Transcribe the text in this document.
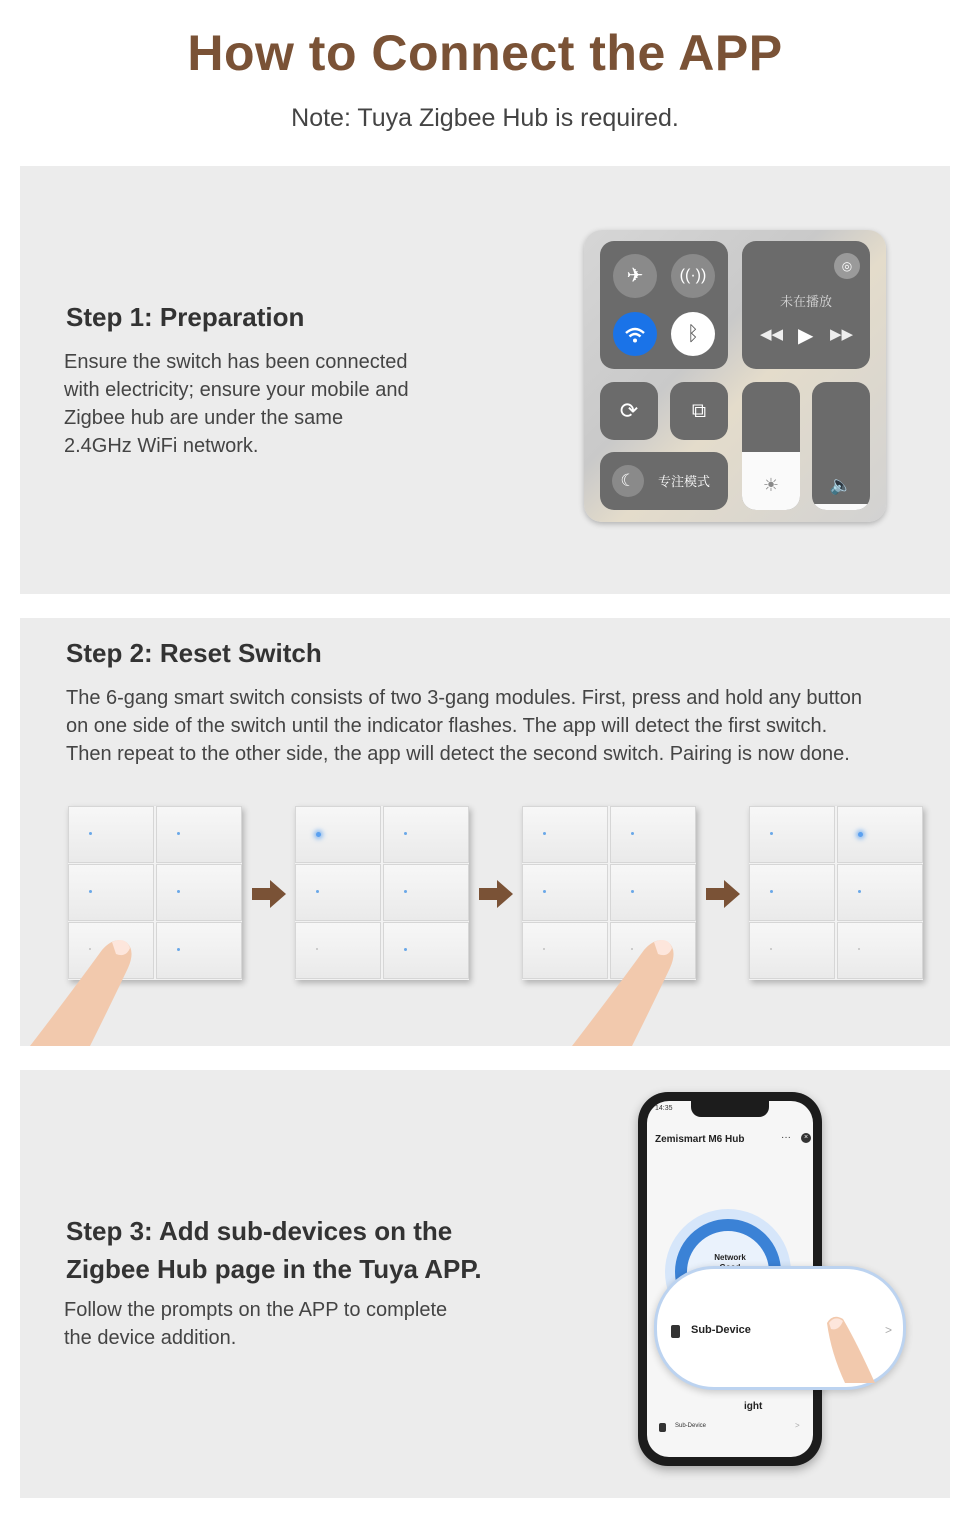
How to Connect the APP
Note: Tuya Zigbee Hub is required.
Step 1: Preparation
Ensure the switch has been connected
with electricity; ensure your mobile and
Zigbee hub are under the same
2.4GHz WiFi network.
✈	((·))
ᛒ
◎
未在播放
◀◀ ▶ ▶▶
⟳	⧉
☾	专注模式	☀	🔈
Step 2: Reset Switch
The 6-gang smart switch consists of two 3-gang modules. First, press and hold any button
on one side of the switch until the indicator flashes. The app will detect the first switch.
Then repeat to the other side, the app will detect the second switch. Pairing is now done.
Step 3: Add sub-devices on the
Zigbee Hub page in the Tuya APP.
Follow the prompts on the APP to complete
the device addition.
14:35
Zemismart M6 Hub	···	×
Network
ight
Sub-Device	>
Sub-Device	>
